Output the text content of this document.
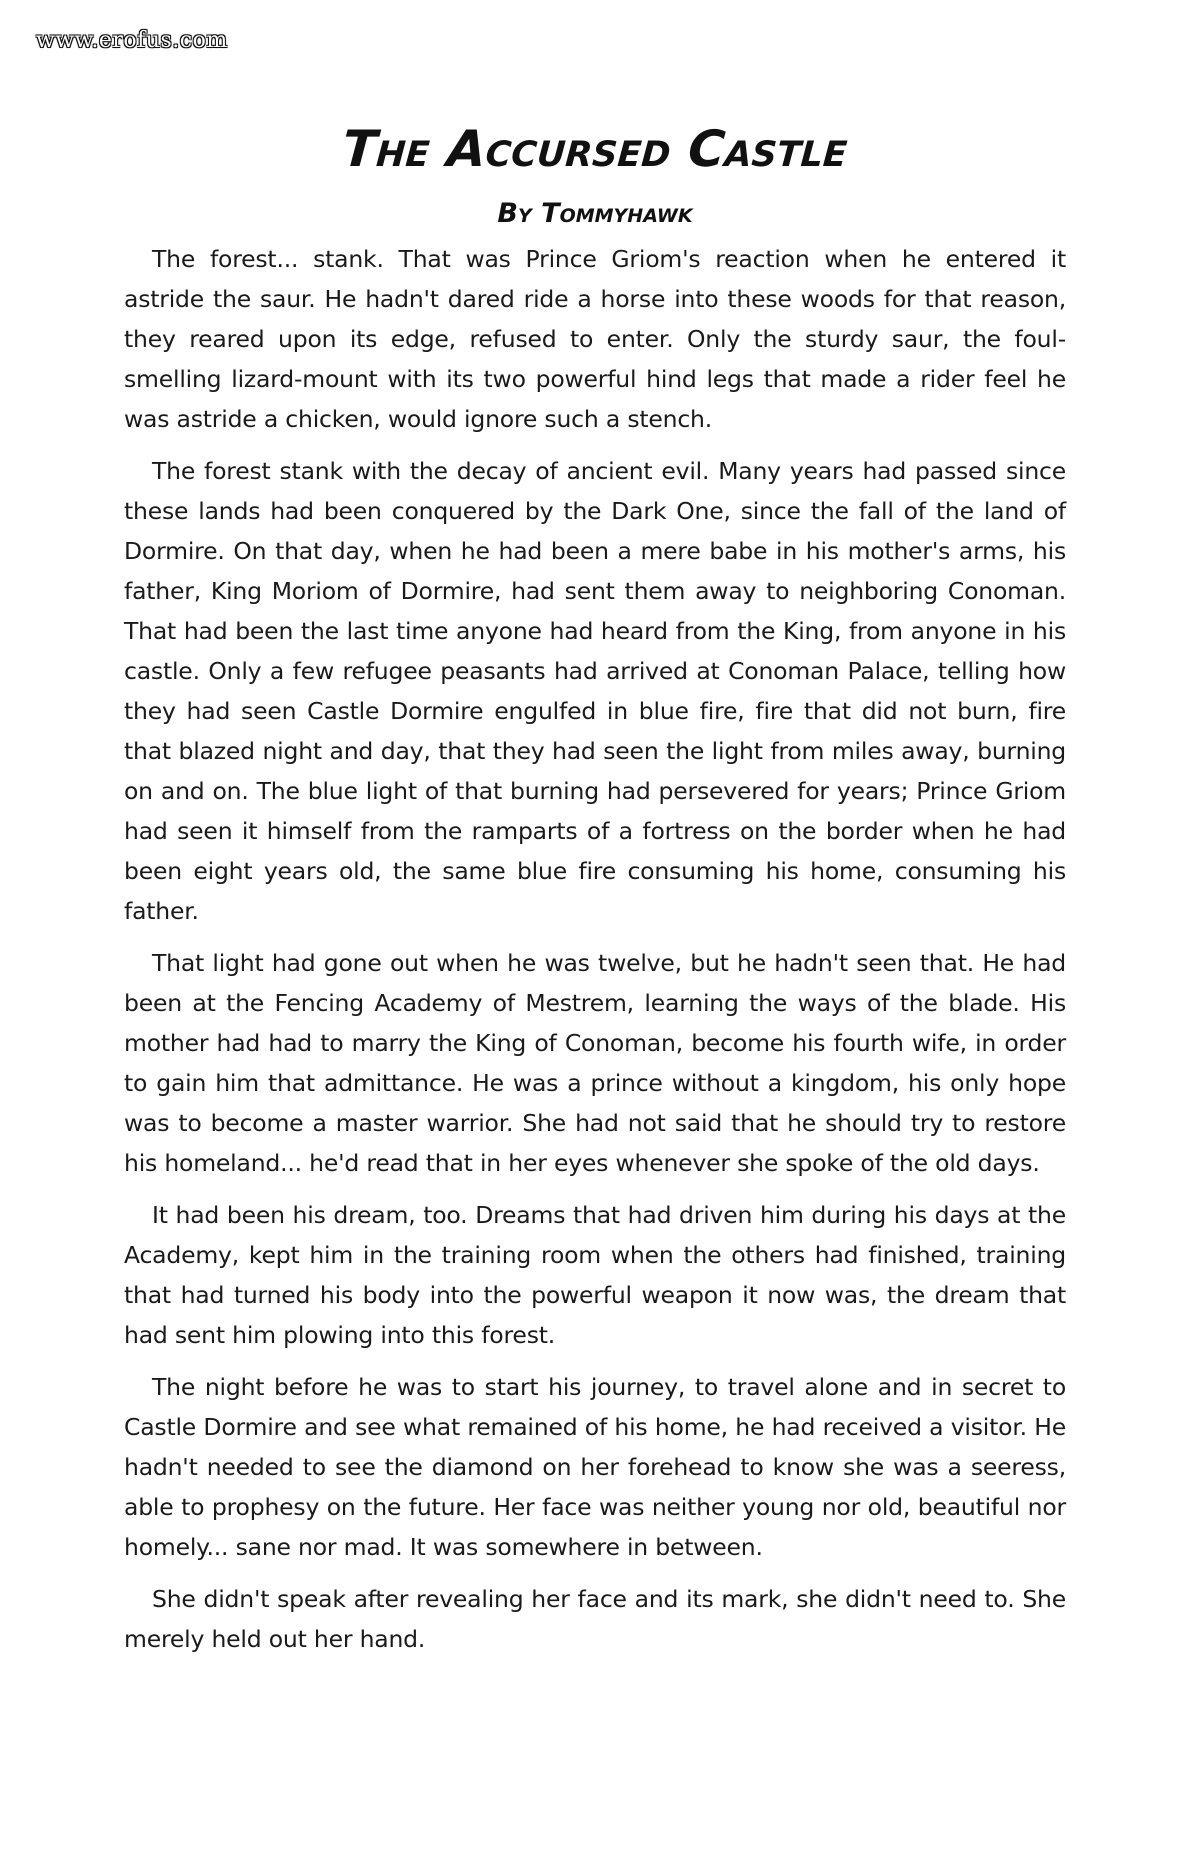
www.erofus.com
The Accursed Castle
By Tommyhawk

The forest... stank. That was Prince Griom's reaction when he entered it astride the saur. He hadn't dared ride a horse into these woods for that reason, they reared upon its edge, refused to enter. Only the sturdy saur, the foul-smelling lizard-mount with its two powerful hind legs that made a rider feel he was astride a chicken, would ignore such a stench.

The forest stank with the decay of ancient evil. Many years had passed since these lands had been conquered by the Dark One, since the fall of the land of Dormire. On that day, when he had been a mere babe in his mother's arms, his father, King Moriom of Dormire, had sent them away to neighboring Conoman. That had been the last time anyone had heard from the King, from anyone in his castle. Only a few refugee peasants had arrived at Conoman Palace, telling how they had seen Castle Dormire engulfed in blue fire, fire that did not burn, fire that blazed night and day, that they had seen the light from miles away, burning on and on. The blue light of that burning had persevered for years; Prince Griom had seen it himself from the ramparts of a fortress on the border when he had been eight years old, the same blue fire consuming his home, consuming his father.

That light had gone out when he was twelve, but he hadn't seen that. He had been at the Fencing Academy of Mestrem, learning the ways of the blade. His mother had had to marry the King of Conoman, become his fourth wife, in order to gain him that admittance. He was a prince without a kingdom, his only hope was to become a master warrior. She had not said that he should try to restore his homeland... he'd read that in her eyes whenever she spoke of the old days.

It had been his dream, too. Dreams that had driven him during his days at the Academy, kept him in the training room when the others had finished, training that had turned his body into the powerful weapon it now was, the dream that had sent him plowing into this forest.

The night before he was to start his journey, to travel alone and in secret to Castle Dormire and see what remained of his home, he had received a visitor. He hadn't needed to see the diamond on her forehead to know she was a seeress, able to prophesy on the future. Her face was neither young nor old, beautiful nor homely... sane nor mad. It was somewhere in between.

She didn't speak after revealing her face and its mark, she didn't need to. She merely held out her hand.
